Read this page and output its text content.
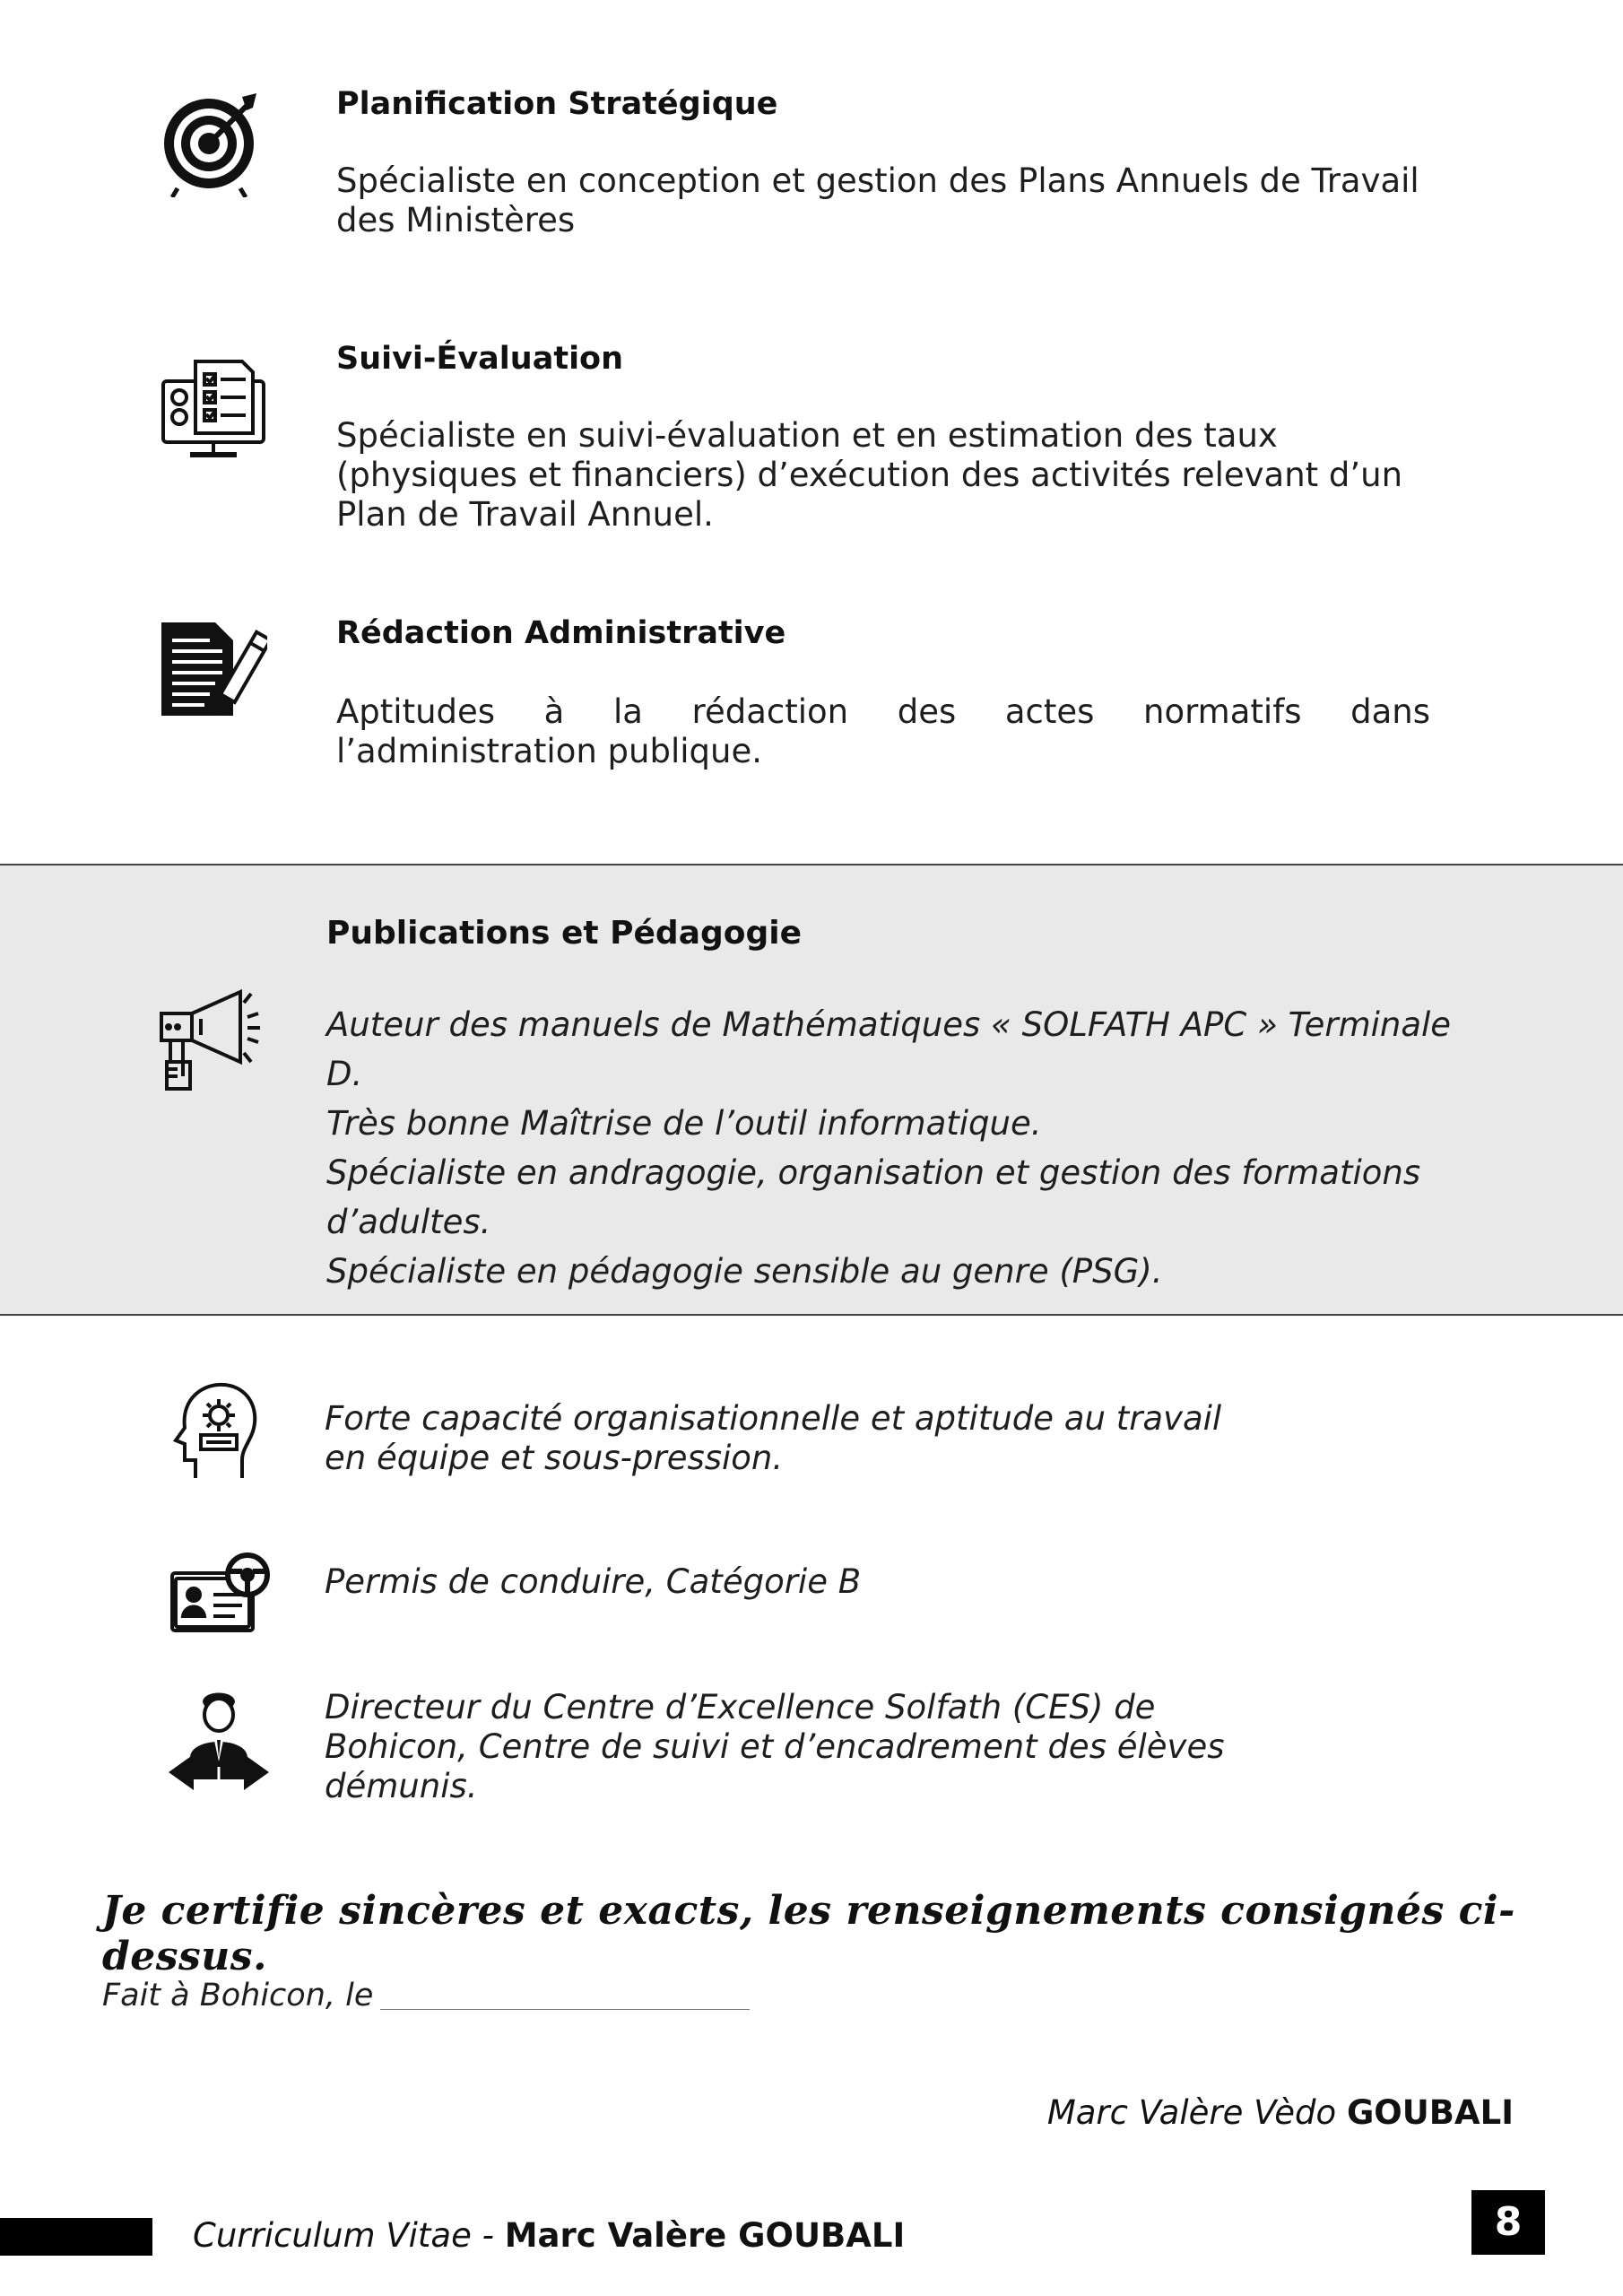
Planification Stratégique
Spécialiste en conception et gestion des Plans Annuels de Travail des Ministères
Suivi-Évaluation
Spécialiste en suivi-évaluation et en estimation des taux (physiques et financiers) d’exécution des activités relevant d’un Plan de Travail Annuel.
Rédaction Administrative
Aptitudes à la rédaction des actes normatifs dans l’administration publique.
Publications et Pédagogie
Auteur des manuels de Mathématiques « SOLFATH APC » Terminale D.
Très bonne Maîtrise de l’outil informatique.
Spécialiste en andragogie, organisation et gestion des formations
d’adultes.
Spécialiste en pédagogie sensible au genre (PSG).
Forte capacité organisationnelle et aptitude au travail en équipe et sous-pression.
Permis de conduire, Catégorie B
Directeur du Centre d’Excellence Solfath (CES) de Bohicon, Centre de suivi et d’encadrement des élèves démunis.
Je certifie sincères et exacts, les renseignements consignés ci-dessus.
Fait à Bohicon, le
Marc Valère Vèdo GOUBALI
Curriculum Vitae - Marc Valère GOUBALI	8
